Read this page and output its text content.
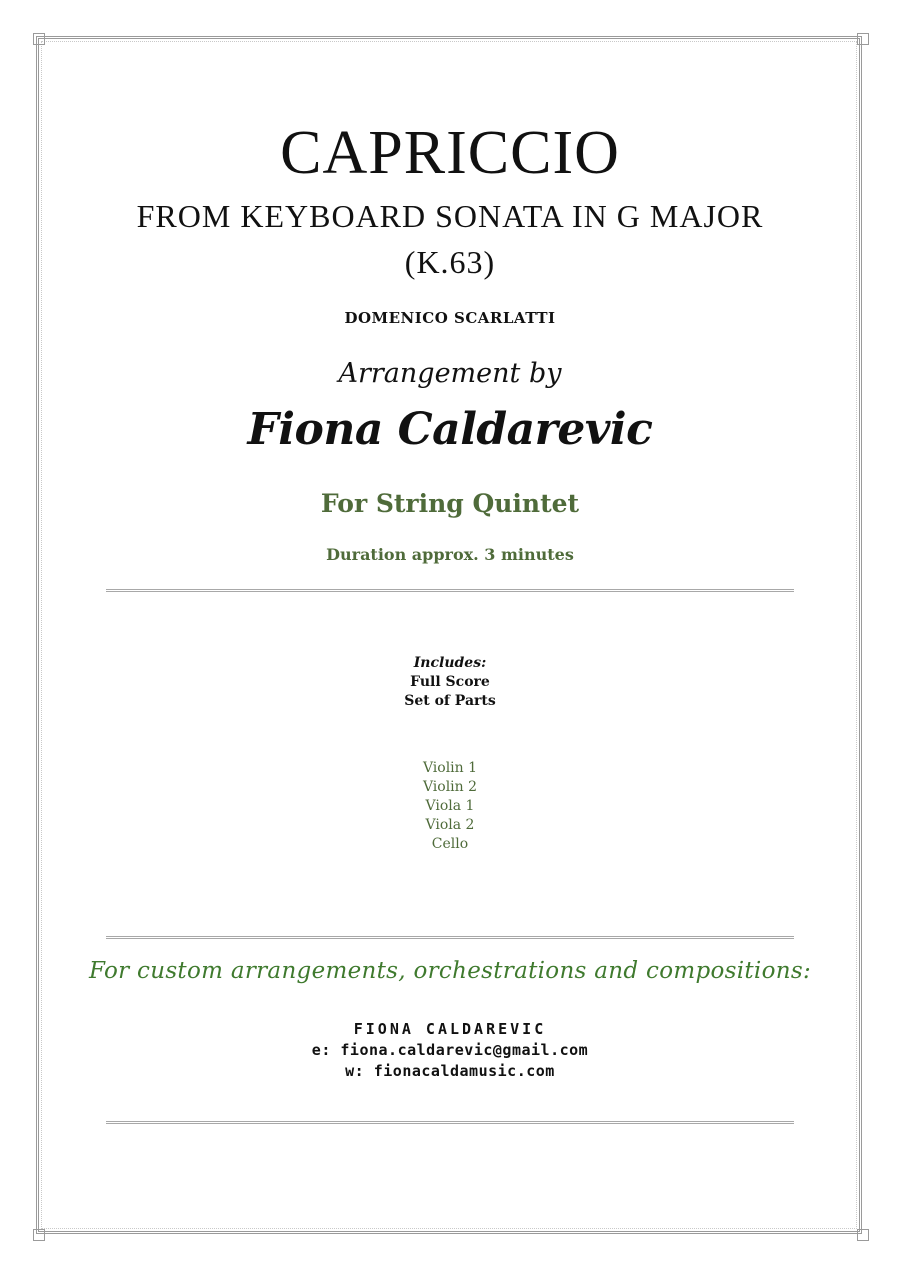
CAPRICCIO
FROM KEYBOARD SONATA IN G MAJOR
(K.63)
DOMENICO SCARLATTI
Arrangement by
Fiona Caldarevic
For String Quintet
Duration approx. 3 minutes
Includes:
Full Score
Set of Parts
Violin 1
Violin 2
Viola 1
Viola 2
Cello
For custom arrangements, orchestrations and compositions:
FIONA CALDAREVIC
e: fiona.caldarevic@gmail.com
w: fionacaldamusic.com
